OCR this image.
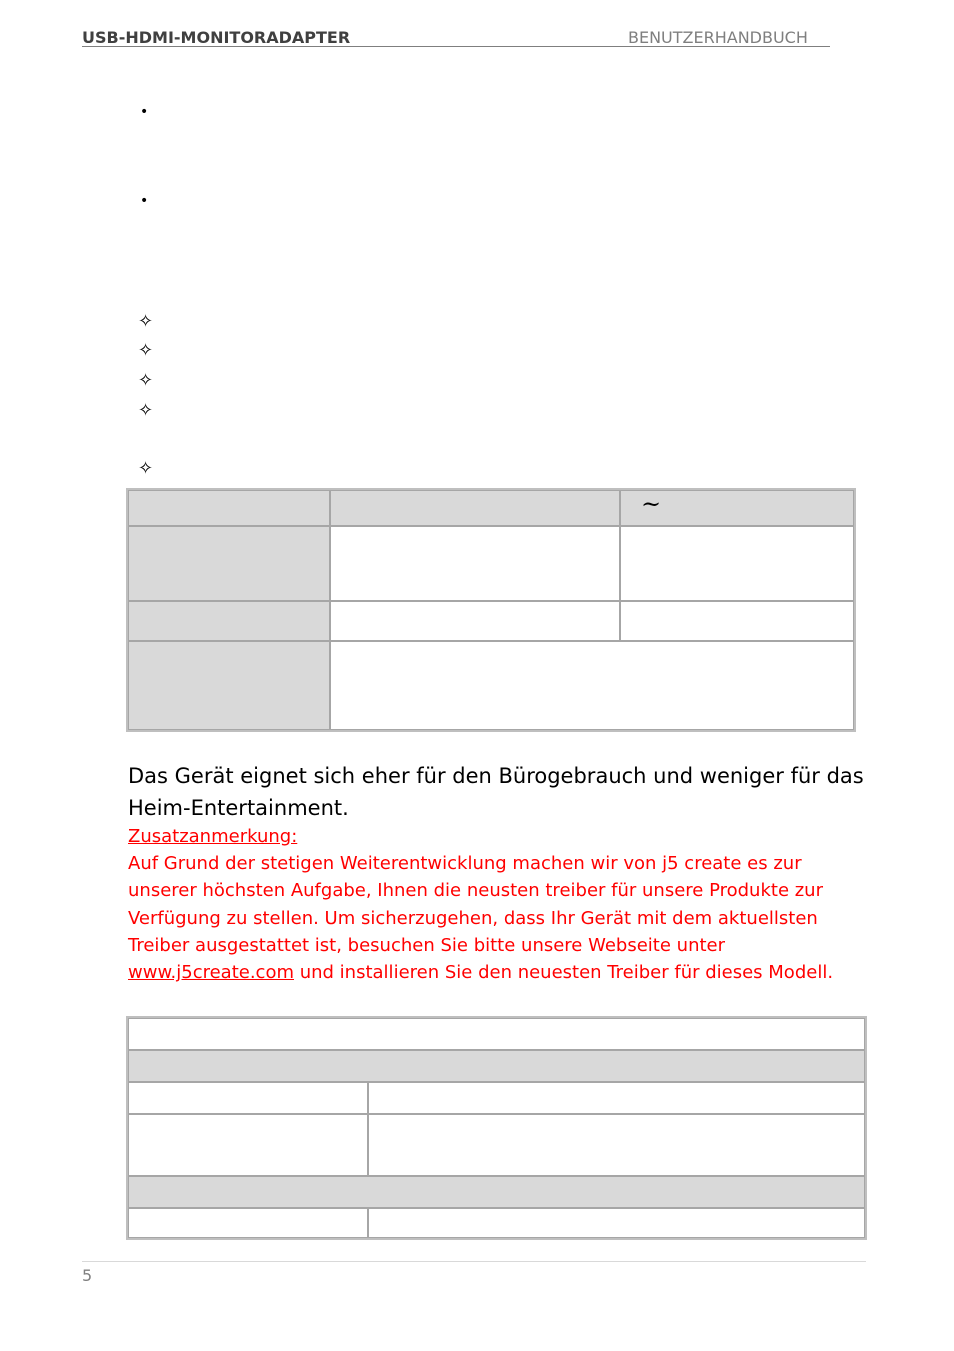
USB-HDMI-MONITORADAPTER	BENUTZERHANDBUCH
•
•
✧
✧
✧
✧
✧
~
Das Gerät eignet sich eher für den Bürogebrauch und weniger für das Heim-Entertainment.
Zusatzanmerkung:
Auf Grund der stetigen Weiterentwicklung machen wir von j5 create es zur unserer höchsten Aufgabe, Ihnen die neusten treiber für unsere Produkte zur Verfügung zu stellen. Um sicherzugehen, dass Ihr Gerät mit dem aktuellsten Treiber ausgestattet ist, besuchen Sie bitte unsere Webseite unter www.j5create.com und installieren Sie den neuesten Treiber für dieses Modell.
5
